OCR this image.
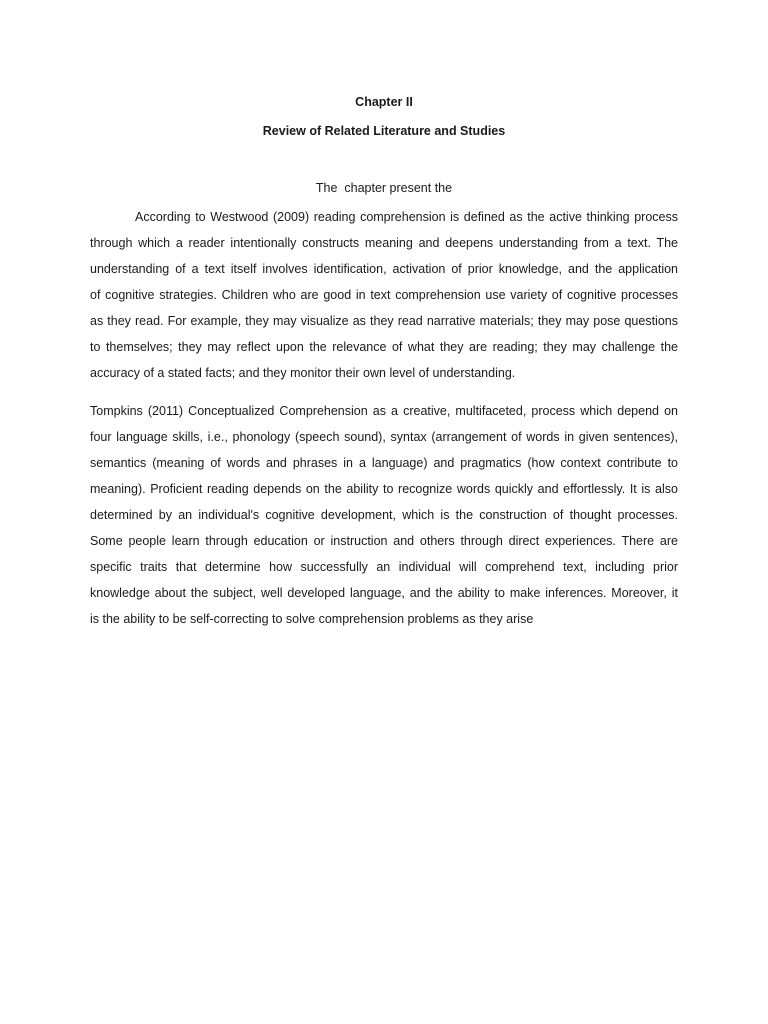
Chapter II
Review of Related Literature and Studies
The  chapter present the
According to Westwood (2009) reading comprehension is defined as the active thinking process
through which a reader intentionally constructs meaning and deepens understanding from a text. The
understanding of a text itself involves identification, activation of prior knowledge, and the application
of cognitive strategies. Children who are good in text comprehension use variety of cognitive processes
as they read. For example, they may visualize as they read narrative materials; they may pose questions
to themselves; they may reflect upon the relevance of what they are reading; they may challenge the
accuracy of a stated facts; and they monitor their own level of understanding.
Tompkins (2011) Conceptualized Comprehension as a creative, multifaceted, process which depend on
four language skills, i.e., phonology (speech sound), syntax (arrangement of words in given sentences),
semantics (meaning of words and phrases in a language) and pragmatics (how context contribute to
meaning). Proficient reading depends on the ability to recognize words quickly and effortlessly. It is also
determined by an individual's cognitive development, which is the construction of thought processes.
Some people learn through education or instruction and others through direct experiences. There are
specific traits that determine how successfully an individual will comprehend text, including prior
knowledge about the subject, well developed language, and the ability to make inferences. Moreover, it
is the ability to be self-correcting to solve comprehension problems as they arise
